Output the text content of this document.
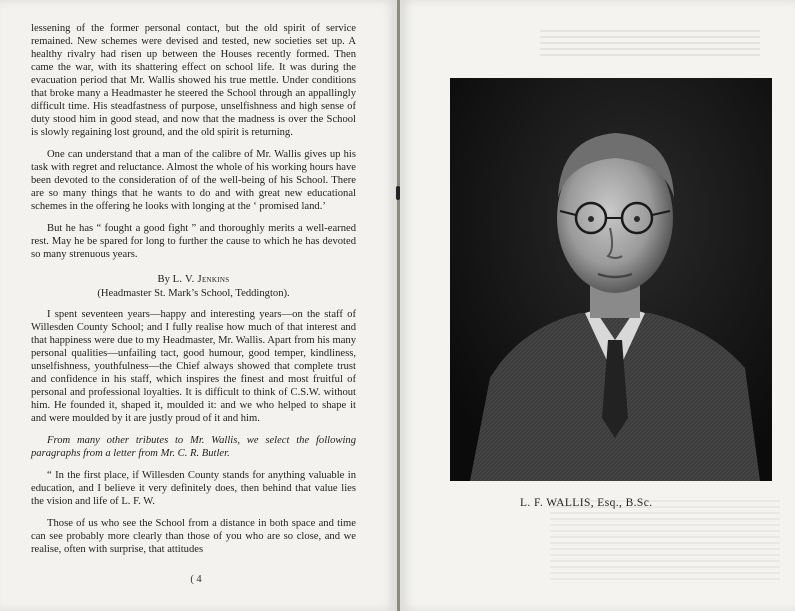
lessening of the former personal contact, but the old spirit of service remained. New schemes were devised and tested, new societies set up. A healthy rivalry had risen up between the Houses recently formed. Then came the war, with its shattering effect on school life. It was during the evacuation period that Mr. Wallis showed his true mettle. Under conditions that broke many a Headmaster he steered the School through an appallingly difficult time. His steadfastness of purpose, unselfishness and high sense of duty stood him in good stead, and now that the madness is over the School is slowly regaining lost ground, and the old spirit is returning.

One can understand that a man of the calibre of Mr. Wallis gives up his task with regret and reluctance. Almost the whole of his working hours have been devoted to the consideration of of the well-being of his School. There are so many things that he wants to do and with great new educational schemes in the offering he looks with longing at the ‘ promised land.’

But he has “ fought a good fight ” and thoroughly merits a well-earned rest. May he be spared for long to further the cause to which he has devoted so many strenuous years.

By L. V. Jenkins
(Headmaster St. Mark’s School, Teddington).

I spent seventeen years—happy and interesting years—on the staff of Willesden County School; and I fully realise how much of that interest and that happiness were due to my Headmaster, Mr. Wallis. Apart from his many personal qualities—unfailing tact, good humour, good temper, kindliness, unselfishness, youthfulness—the Chief always showed that complete trust and confidence in his staff, which inspires the finest and most fruitful of personal and professional loyalties. It is difficult to think of C.S.W. without him. He founded it, shaped it, moulded it: and we who helped to shape it and were moulded by it are justly proud of it and him.

From many other tributes to Mr. Wallis, we select the following paragraphs from a letter from Mr. C. R. Butler.

“ In the first place, if Willesden County stands for anything valuable in education, and I believe it very definitely does, then behind that value lies the vision and life of L. F. W.

Those of us who see the School from a distance in both space and time can see probably more clearly than those of you who are so close, and we realise, often with surprise, that attitudes

( 4
L. F. WALLIS, Esq., B.Sc.
